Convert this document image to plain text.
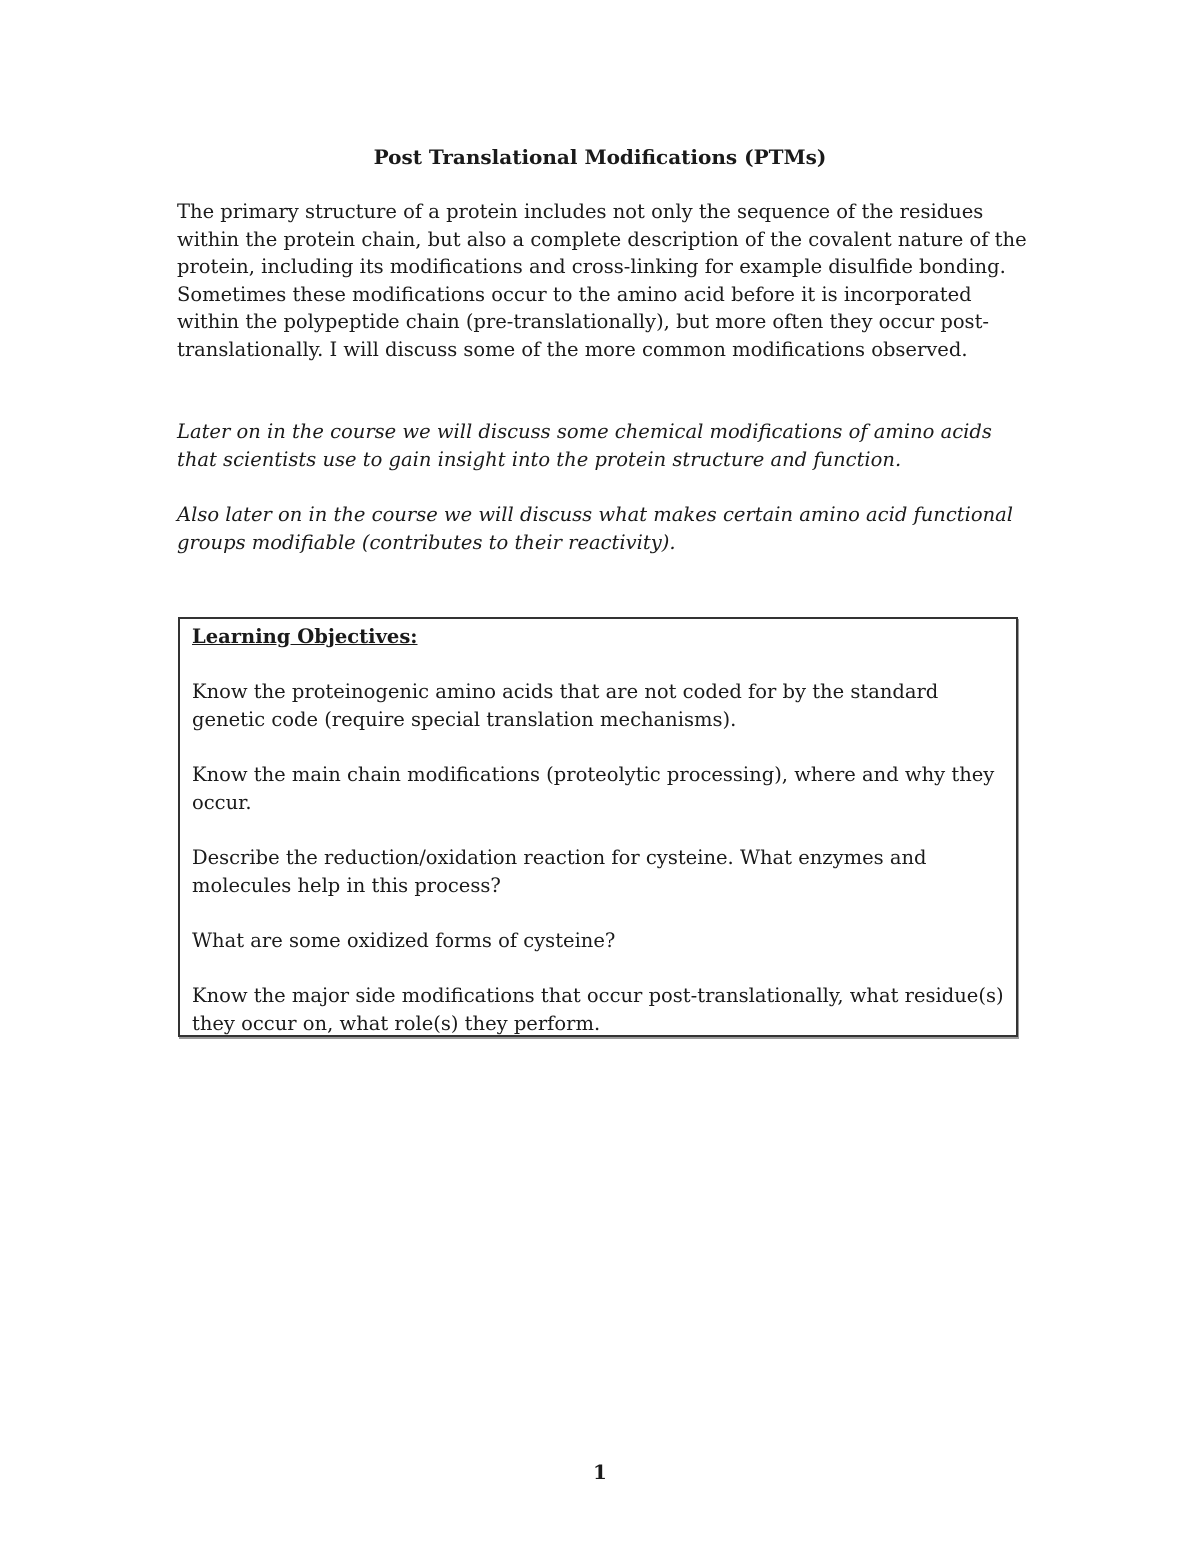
Post Translational Modifications (PTMs)

The primary structure of a protein includes not only the sequence of the residues within the protein chain, but also a complete description of the covalent nature of the protein, including its modifications and cross-linking for example disulfide bonding. Sometimes these modifications occur to the amino acid before it is incorporated within the polypeptide chain (pre-translationally), but more often they occur post-translationally. I will discuss some of the more common modifications observed.

Later on in the course we will discuss some chemical modifications of amino acids that scientists use to gain insight into the protein structure and function.

Also later on in the course we will discuss what makes certain amino acid functional groups modifiable (contributes to their reactivity).

Learning Objectives:

Know the proteinogenic amino acids that are not coded for by the standard genetic code (require special translation mechanisms).

Know the main chain modifications (proteolytic processing), where and why they occur.

Describe the reduction/oxidation reaction for cysteine. What enzymes and molecules help in this process?

What are some oxidized forms of cysteine?

Know the major side modifications that occur post-translationally, what residue(s) they occur on, what role(s) they perform.

1
